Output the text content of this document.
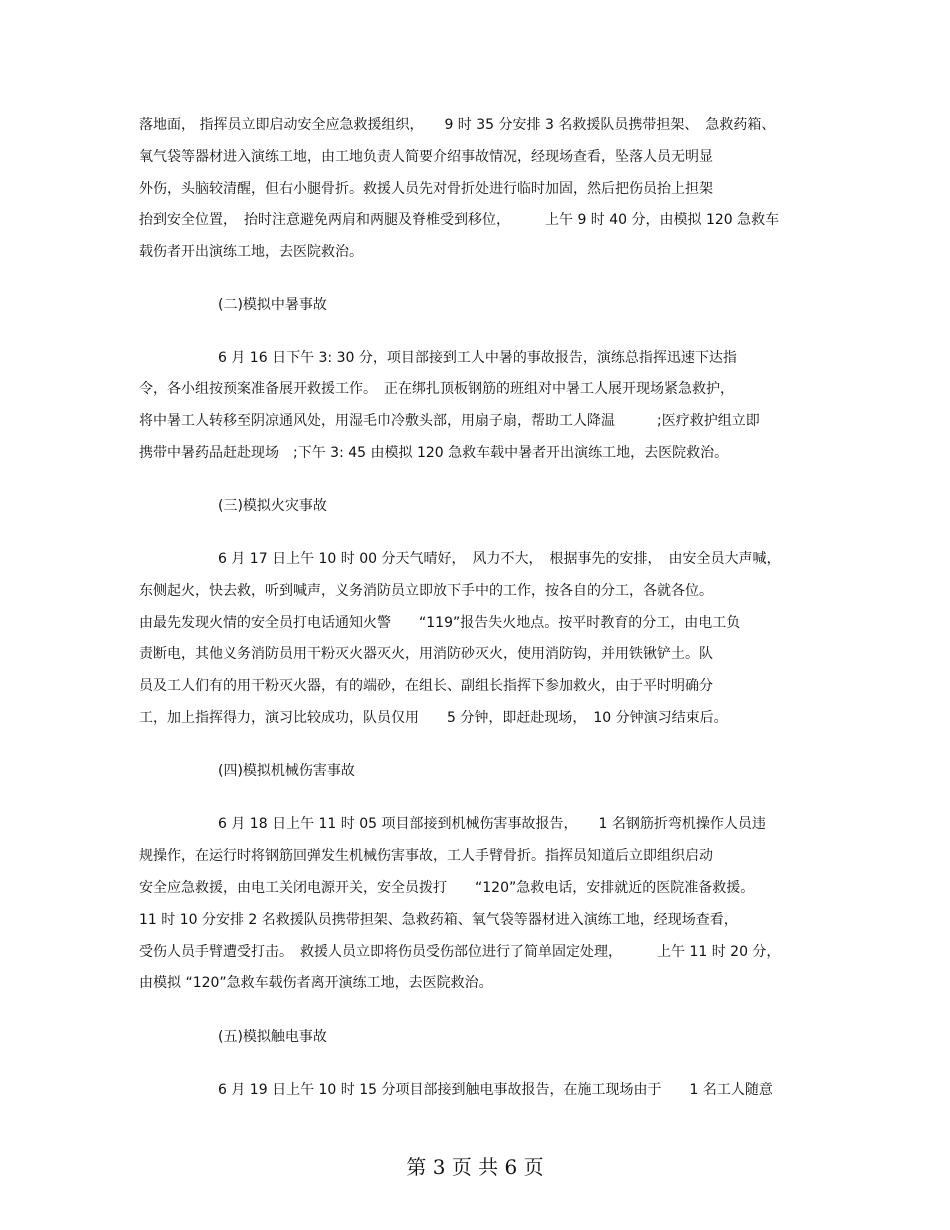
落地面， 指挥员立即启动安全应急救援组织，　　9 时 35 分安排 3 名救援队员携带担架、　急救药箱、
氧气袋等器材进入演练工地，由工地负责人简要介绍事故情况，经现场查看，坠落人员无明显
外伤，头脑较清醒，但右小腿骨折。救援人员先对骨折处进行临时加固，然后把伤员抬上担架
抬到安全位置，　抬时注意避免两肩和两腿及脊椎受到移位，　　　上午 9 时 40 分，由模拟 120 急救车
载伤者开出演练工地，去医院救治。
(二)模拟中暑事故
6 月 16 日下午 3: 30 分，项目部接到工人中暑的事故报告，演练总指挥迅速下达指
令，各小组按预案准备展开救援工作。　正在绑扎顶板钢筋的班组对中暑工人展开现场紧急救护，
将中暑工人转移至阴凉通风处，用湿毛巾冷敷头部，用扇子扇，帮助工人降温　　　;医疗救护组立即
携带中暑药品赶赴现场　;下午 3: 45 由模拟 120 急救车载中暑者开出演练工地，去医院救治。
(三)模拟火灾事故
6 月 17 日上午 10 时 00 分天气晴好，　风力不大，　根据事先的安排，　由安全员大声喊，
东侧起火，快去救，听到喊声，义务消防员立即放下手中的工作，按各自的分工，各就各位。
由最先发现火情的安全员打电话通知火警　　“119”报告失火地点。按平时教育的分工，由电工负
责断电，其他义务消防员用干粉灭火器灭火，用消防砂灭火，使用消防钩，并用铁锹铲土。队
员及工人们有的用干粉灭火器，有的端砂，在组长、副组长指挥下参加救火，由于平时明确分
工，加上指挥得力，演习比较成功，队员仅用　　5 分钟，即赶赴现场，　10 分钟演习结束后。
(四)模拟机械伤害事故
6 月 18 日上午 11 时 05 项目部接到机械伤害事故报告，　　1 名钢筋折弯机操作人员违
规操作，在运行时将钢筋回弹发生机械伤害事故，工人手臂骨折。指挥员知道后立即组织启动
安全应急救援，由电工关闭电源开关，安全员拨打　　“120”急救电话，安排就近的医院准备救援。
11 时 10 分安排 2 名救援队员携带担架、急救药箱、氧气袋等器材进入演练工地，经现场查看，
受伤人员手臂遭受打击。　救援人员立即将伤员受伤部位进行了简单固定处理，　　　上午 11 时 20 分，
由模拟 “120”急救车载伤者离开演练工地，去医院救治。
(五)模拟触电事故
6 月 19 日上午 10 时 15 分项目部接到触电事故报告，在施工现场由于　　1 名工人随意
第 3 页 共 6 页
